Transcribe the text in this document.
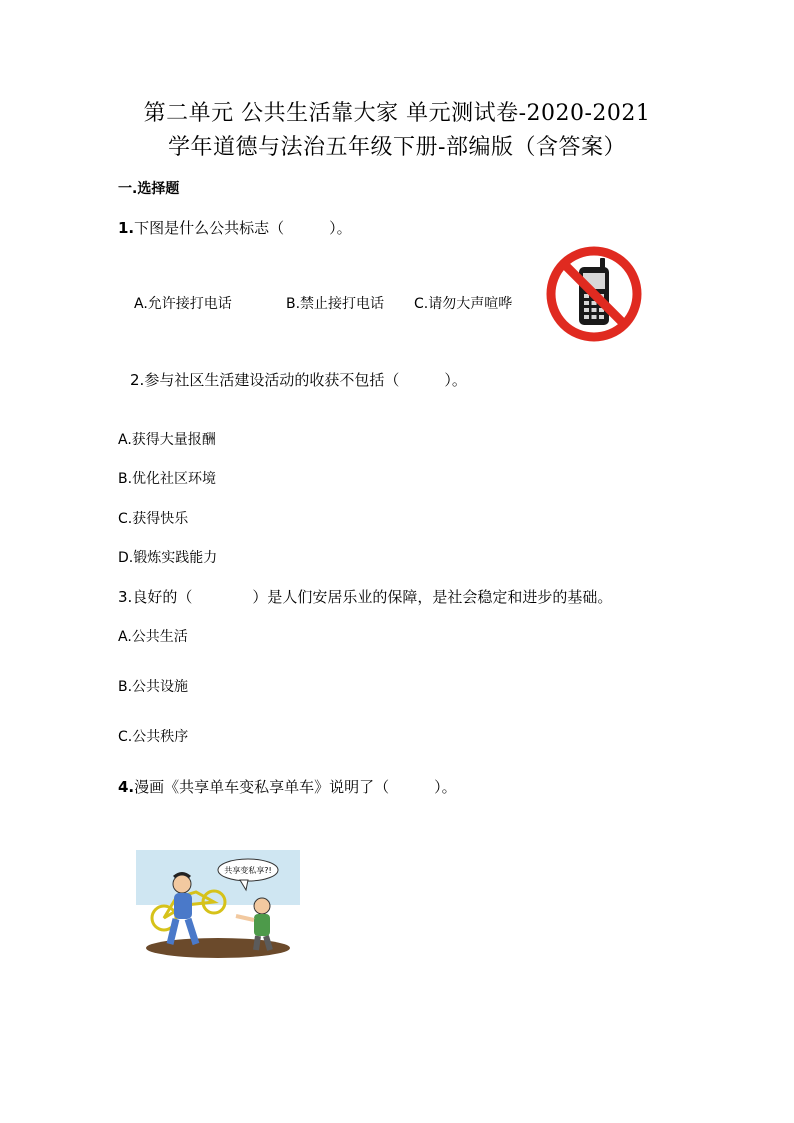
第二单元 公共生活靠大家 单元测试卷-2020-2021
学年道德与法治五年级下册-部编版（含答案）
一.选择题
1.下图是什么公共标志（　　　）。
A.允许接打电话	B.禁止接打电话 C.请勿大声喧哗
2.参与社区生活建设活动的收获不包括（　　　）。
A.获得大量报酬
B.优化社区环境
C.获得快乐
D.锻炼实践能力
3.良好的（　　　　）是人们安居乐业的保障，是社会稳定和进步的基础。
A.公共生活
B.公共设施
C.公共秩序
4.漫画《共享单车变私享单车》说明了（　　　）。
共享变私享?!
